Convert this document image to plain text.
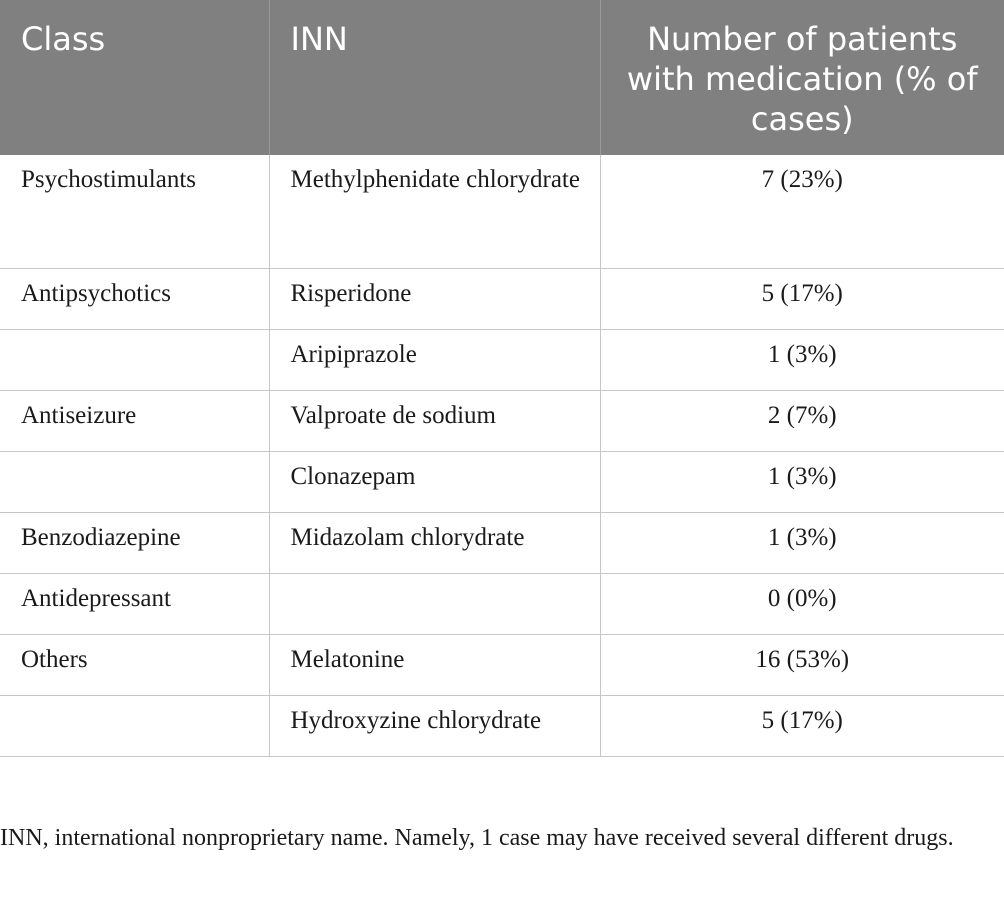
Class	INN	Number of patients with medication (% of cases)

Psychostimulants	Methylphenidate chlorydrate	7 (23%)

Antipsychotics	Risperidone	5 (17%)

	Aripiprazole	1 (3%)

Antiseizure	Valproate de sodium	2 (7%)

	Clonazepam	1 (3%)

Benzodiazepine	Midazolam chlorydrate	1 (3%)

Antidepressant		0 (0%)

Others	Melatonine	16 (53%)

	Hydroxyzine chlorydrate	5 (17%)

INN, international nonproprietary name. Namely, 1 case may have received several different drugs.
